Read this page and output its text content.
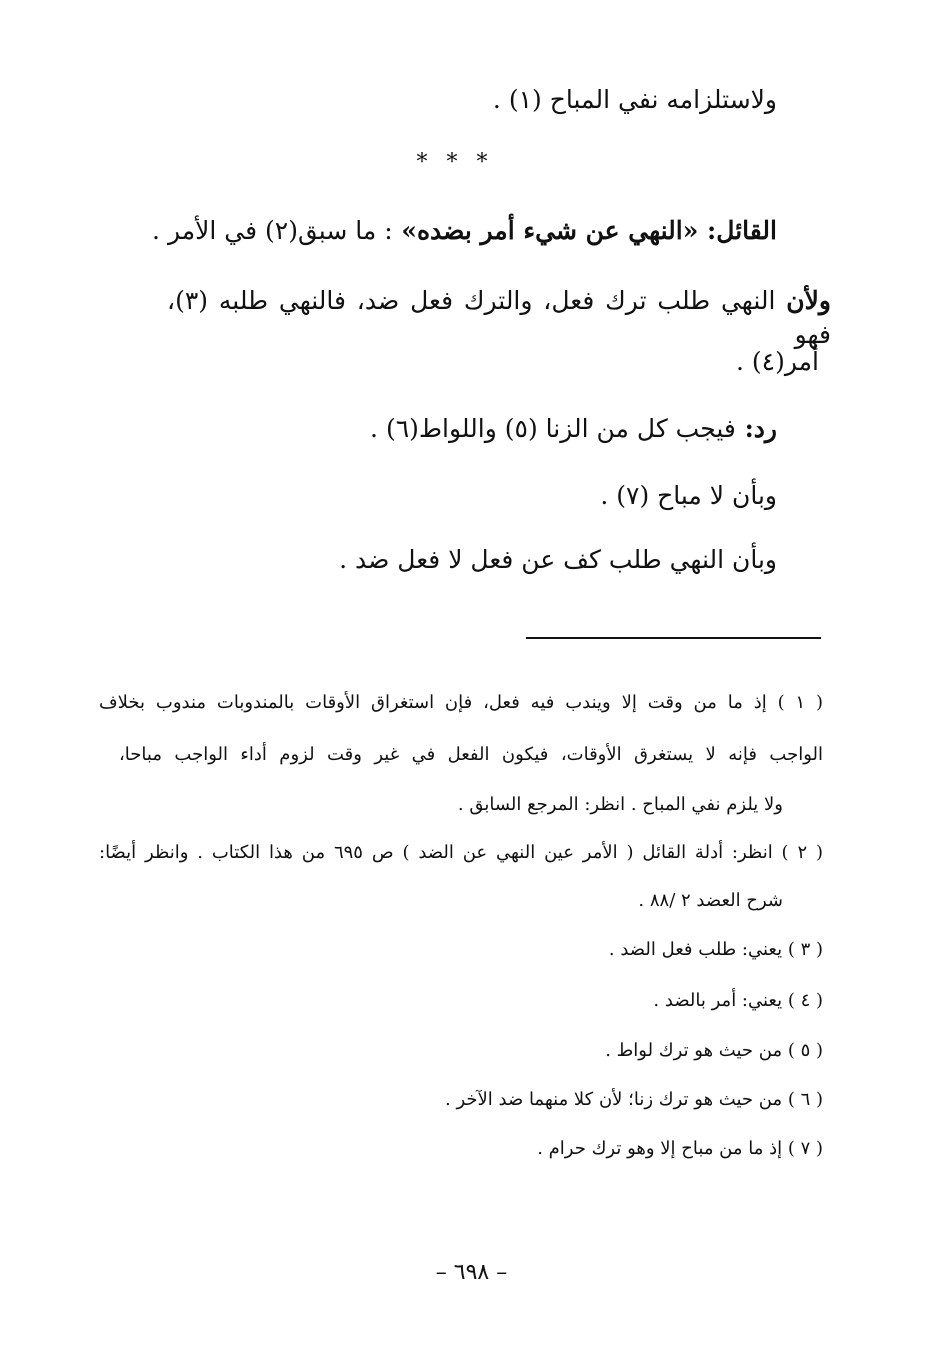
ولاستلزامه نفي المباح (١) .
* * *
القائل: «النهي عن شيء أمر بضده» : ما سبق(٢) في الأمر .
ولأن النهي طلب ترك فعل، والترك فعل ضد، فالنهي طلبه (٣)، فهو
أمر(٤) .
رد: فيجب كل من الزنا (٥) واللواط(٦) .
وبأن لا مباح (٧) .
وبأن النهي طلب كف عن فعل لا فعل ضد .
( ١ ) إذ ما من وقت إلا ويندب فيه فعل، فإن استغراق الأوقات بالمندوبات مندوب بخلاف
الواجب فإنه لا يستغرق الأوقات، فيكون الفعل في غير وقت لزوم أداء الواجب مباحا،
ولا يلزم نفي المباح . انظر: المرجع السابق .
( ٢ ) انظر: أدلة القائل ( الأمر عين النهي عن الضد ) ص ٦٩٥ من هذا الكتاب . وانظر أيضًا:
شرح العضد ٢ /٨٨ .
( ٣ ) يعني: طلب فعل الضد .
( ٤ ) يعني: أمر بالضد .
( ٥ ) من حيث هو ترك لواط .
( ٦ ) من حيث هو ترك زنا؛ لأن كلا منهما ضد الآخر .
( ٧ ) إذ ما من مباح إلا وهو ترك حرام .
– ٦٩٨ –
